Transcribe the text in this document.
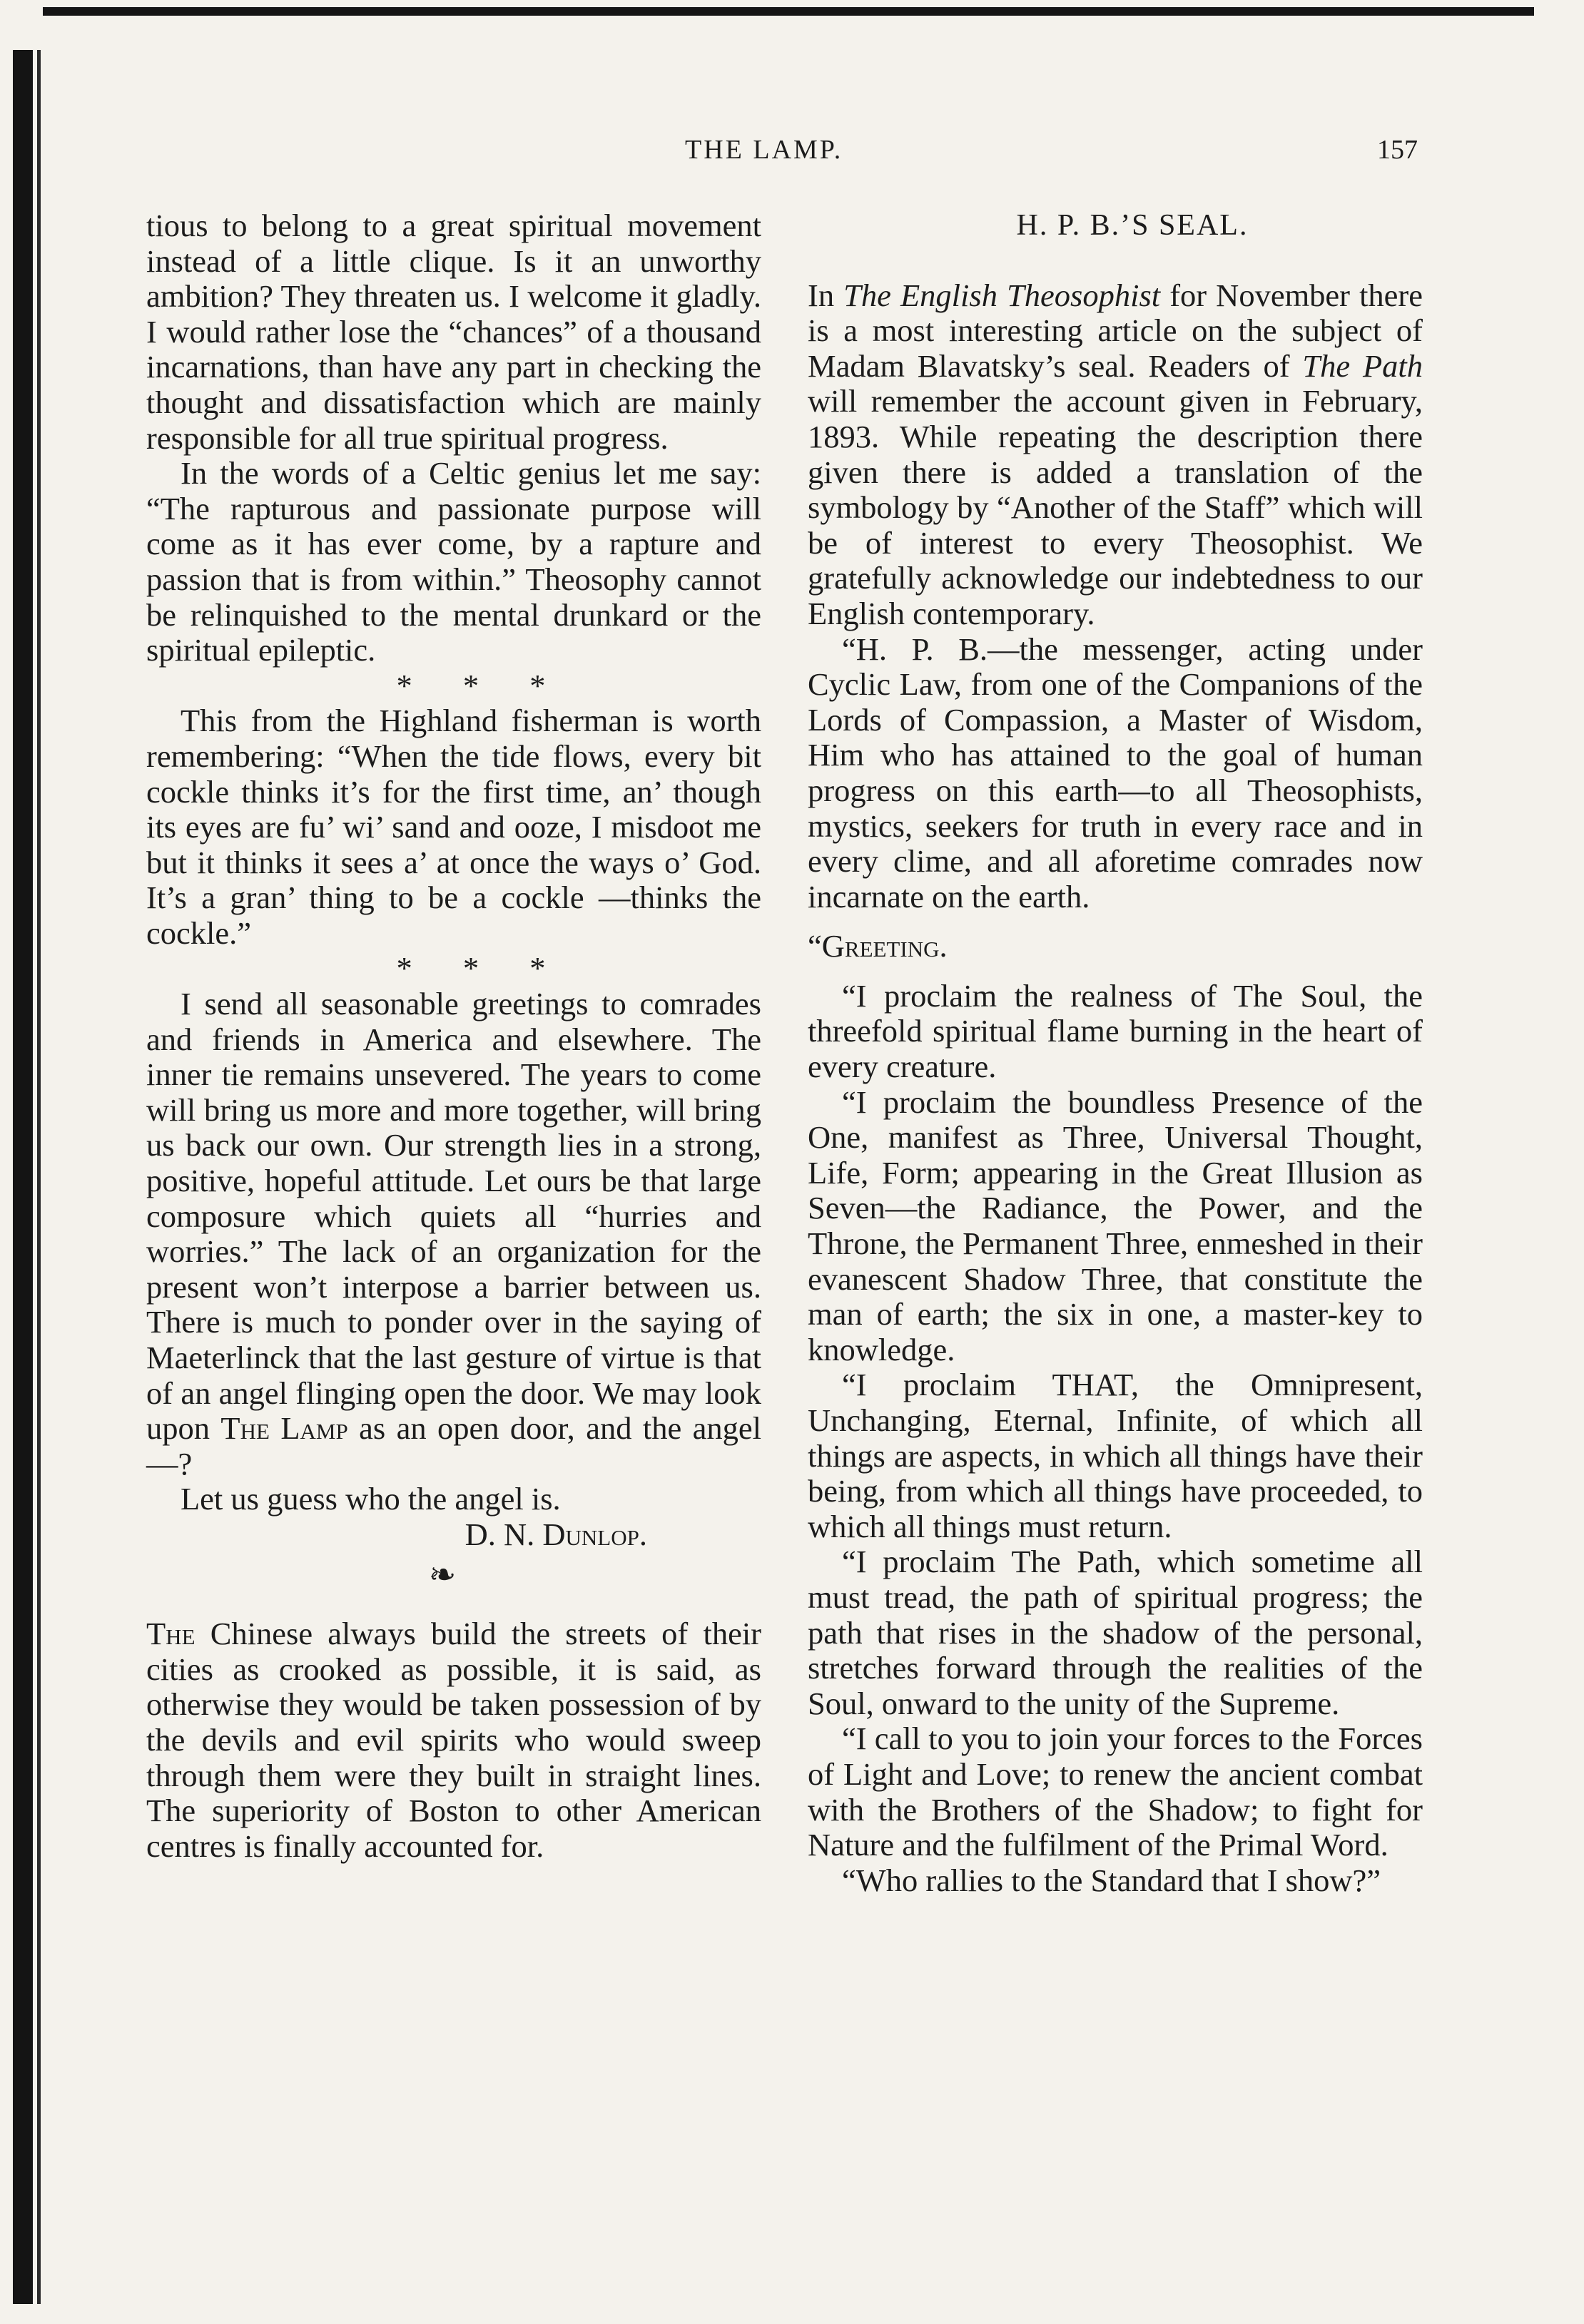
THE LAMP.	157

tious to belong to a great spiritual movement instead of a little clique. Is it an unworthy ambition? They threaten us. I welcome it gladly. I would rather lose the “chances” of a thousand incarnations, than have any part in checking the thought and dissatisfaction which are mainly responsible for all true spiritual progress.

In the words of a Celtic genius let me say: “The rapturous and passionate purpose will come as it has ever come, by a rapture and passion that is from within.” Theosophy cannot be relinquished to the mental drunkard or the spiritual epileptic.

* * *

This from the Highland fisherman is worth remembering: “When the tide flows, every bit cockle thinks it’s for the first time, an’ though its eyes are fu’ wi’ sand and ooze, I misdoot me but it thinks it sees a’ at once the ways o’ God. It’s a gran’ thing to be a cockle —thinks the cockle.”

* * *

I send all seasonable greetings to comrades and friends in America and elsewhere. The inner tie remains unsevered. The years to come will bring us more and more together, will bring us back our own. Our strength lies in a strong, positive, hopeful attitude. Let ours be that large composure which quiets all “hurries and worries.” The lack of an organization for the present won’t interpose a barrier between us. There is much to ponder over in the saying of Maeterlinck that the last gesture of virtue is that of an angel flinging open the door. We may look upon The Lamp as an open door, and the angel—?

Let us guess who the angel is.

D. N. Dunlop.

❧

The Chinese always build the streets of their cities as crooked as possible, it is said, as otherwise they would be taken possession of by the devils and evil spirits who would sweep through them were they built in straight lines. The superiority of Boston to other American centres is finally accounted for.

H. P. B.’S SEAL.

In The English Theosophist for November there is a most interesting article on the subject of Madam Blavatsky’s seal. Readers of The Path will remember the account given in February, 1893. While repeating the description there given there is added a translation of the symbology by “Another of the Staff” which will be of interest to every Theosophist. We gratefully acknowledge our indebtedness to our English contemporary.

“H. P. B.—the messenger, acting under Cyclic Law, from one of the Companions of the Lords of Compassion, a Master of Wisdom, Him who has attained to the goal of human progress on this earth—to all Theosophists, mystics, seekers for truth in every race and in every clime, and all aforetime comrades now incarnate on the earth.

“Greeting.

“I proclaim the realness of The Soul, the threefold spiritual flame burning in the heart of every creature.

“I proclaim the boundless Presence of the One, manifest as Three, Universal Thought, Life, Form; appearing in the Great Illusion as Seven—the Radiance, the Power, and the Throne, the Permanent Three, enmeshed in their evanescent Shadow Three, that constitute the man of earth; the six in one, a master-key to knowledge.

“I proclaim THAT, the Omnipresent, Unchanging, Eternal, Infinite, of which all things are aspects, in which all things have their being, from which all things have proceeded, to which all things must return.

“I proclaim The Path, which sometime all must tread, the path of spiritual progress; the path that rises in the shadow of the personal, stretches forward through the realities of the Soul, onward to the unity of the Supreme.

“I call to you to join your forces to the Forces of Light and Love; to renew the ancient combat with the Brothers of the Shadow; to fight for Nature and the fulfilment of the Primal Word.

“Who rallies to the Standard that I show?”
